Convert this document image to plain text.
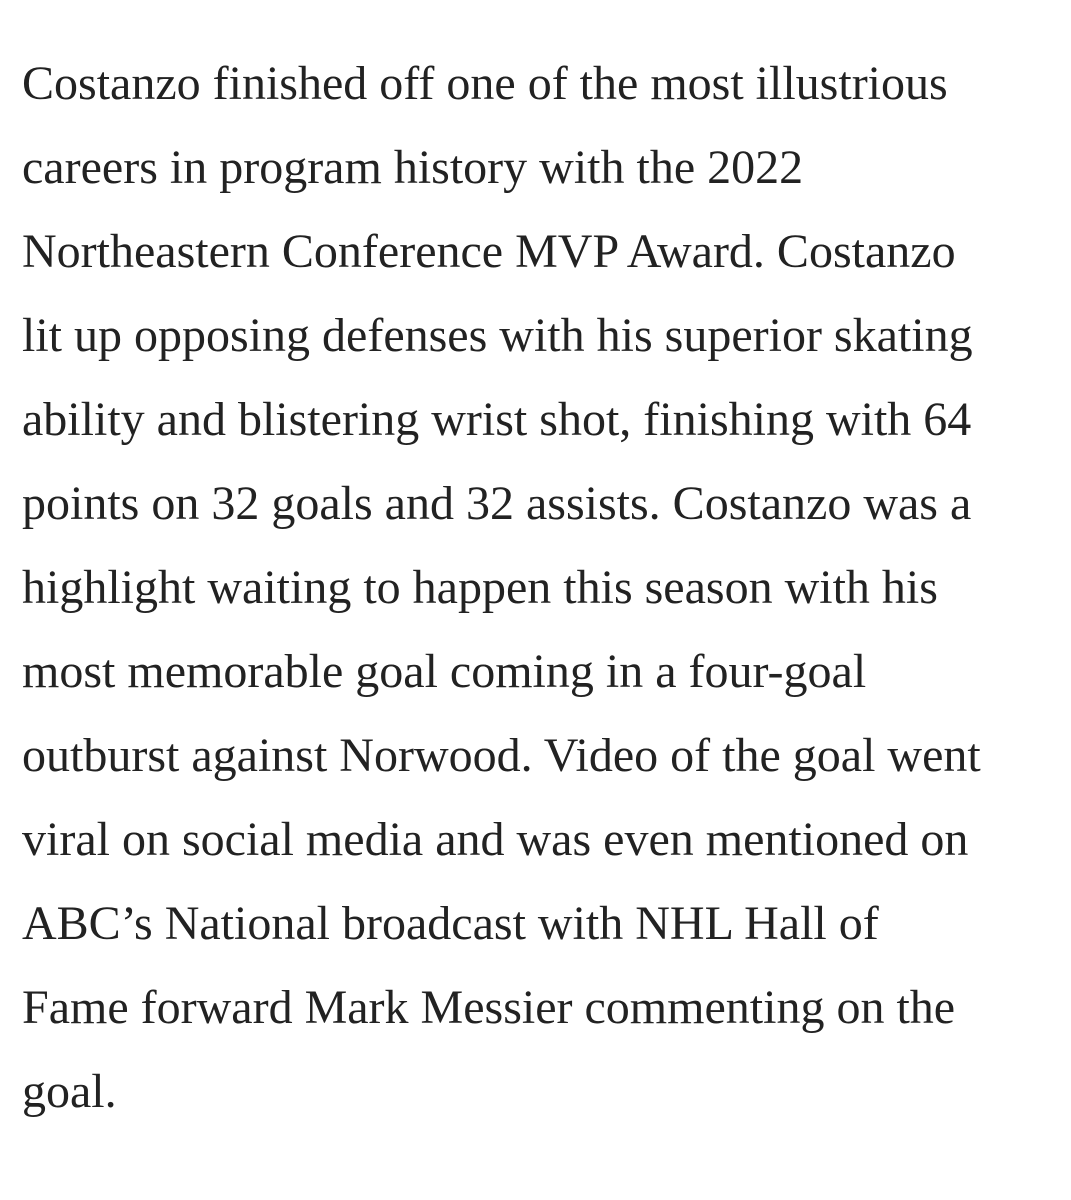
Costanzo finished off one of the most illustrious
careers in program history with the 2022
Northeastern Conference MVP Award. Costanzo
lit up opposing defenses with his superior skating
ability and blistering wrist shot, finishing with 64
points on 32 goals and 32 assists. Costanzo was a
highlight waiting to happen this season with his
most memorable goal coming in a four-goal
outburst against Norwood. Video of the goal went
viral on social media and was even mentioned on
ABC’s National broadcast with NHL Hall of
Fame forward Mark Messier commenting on the
goal.
